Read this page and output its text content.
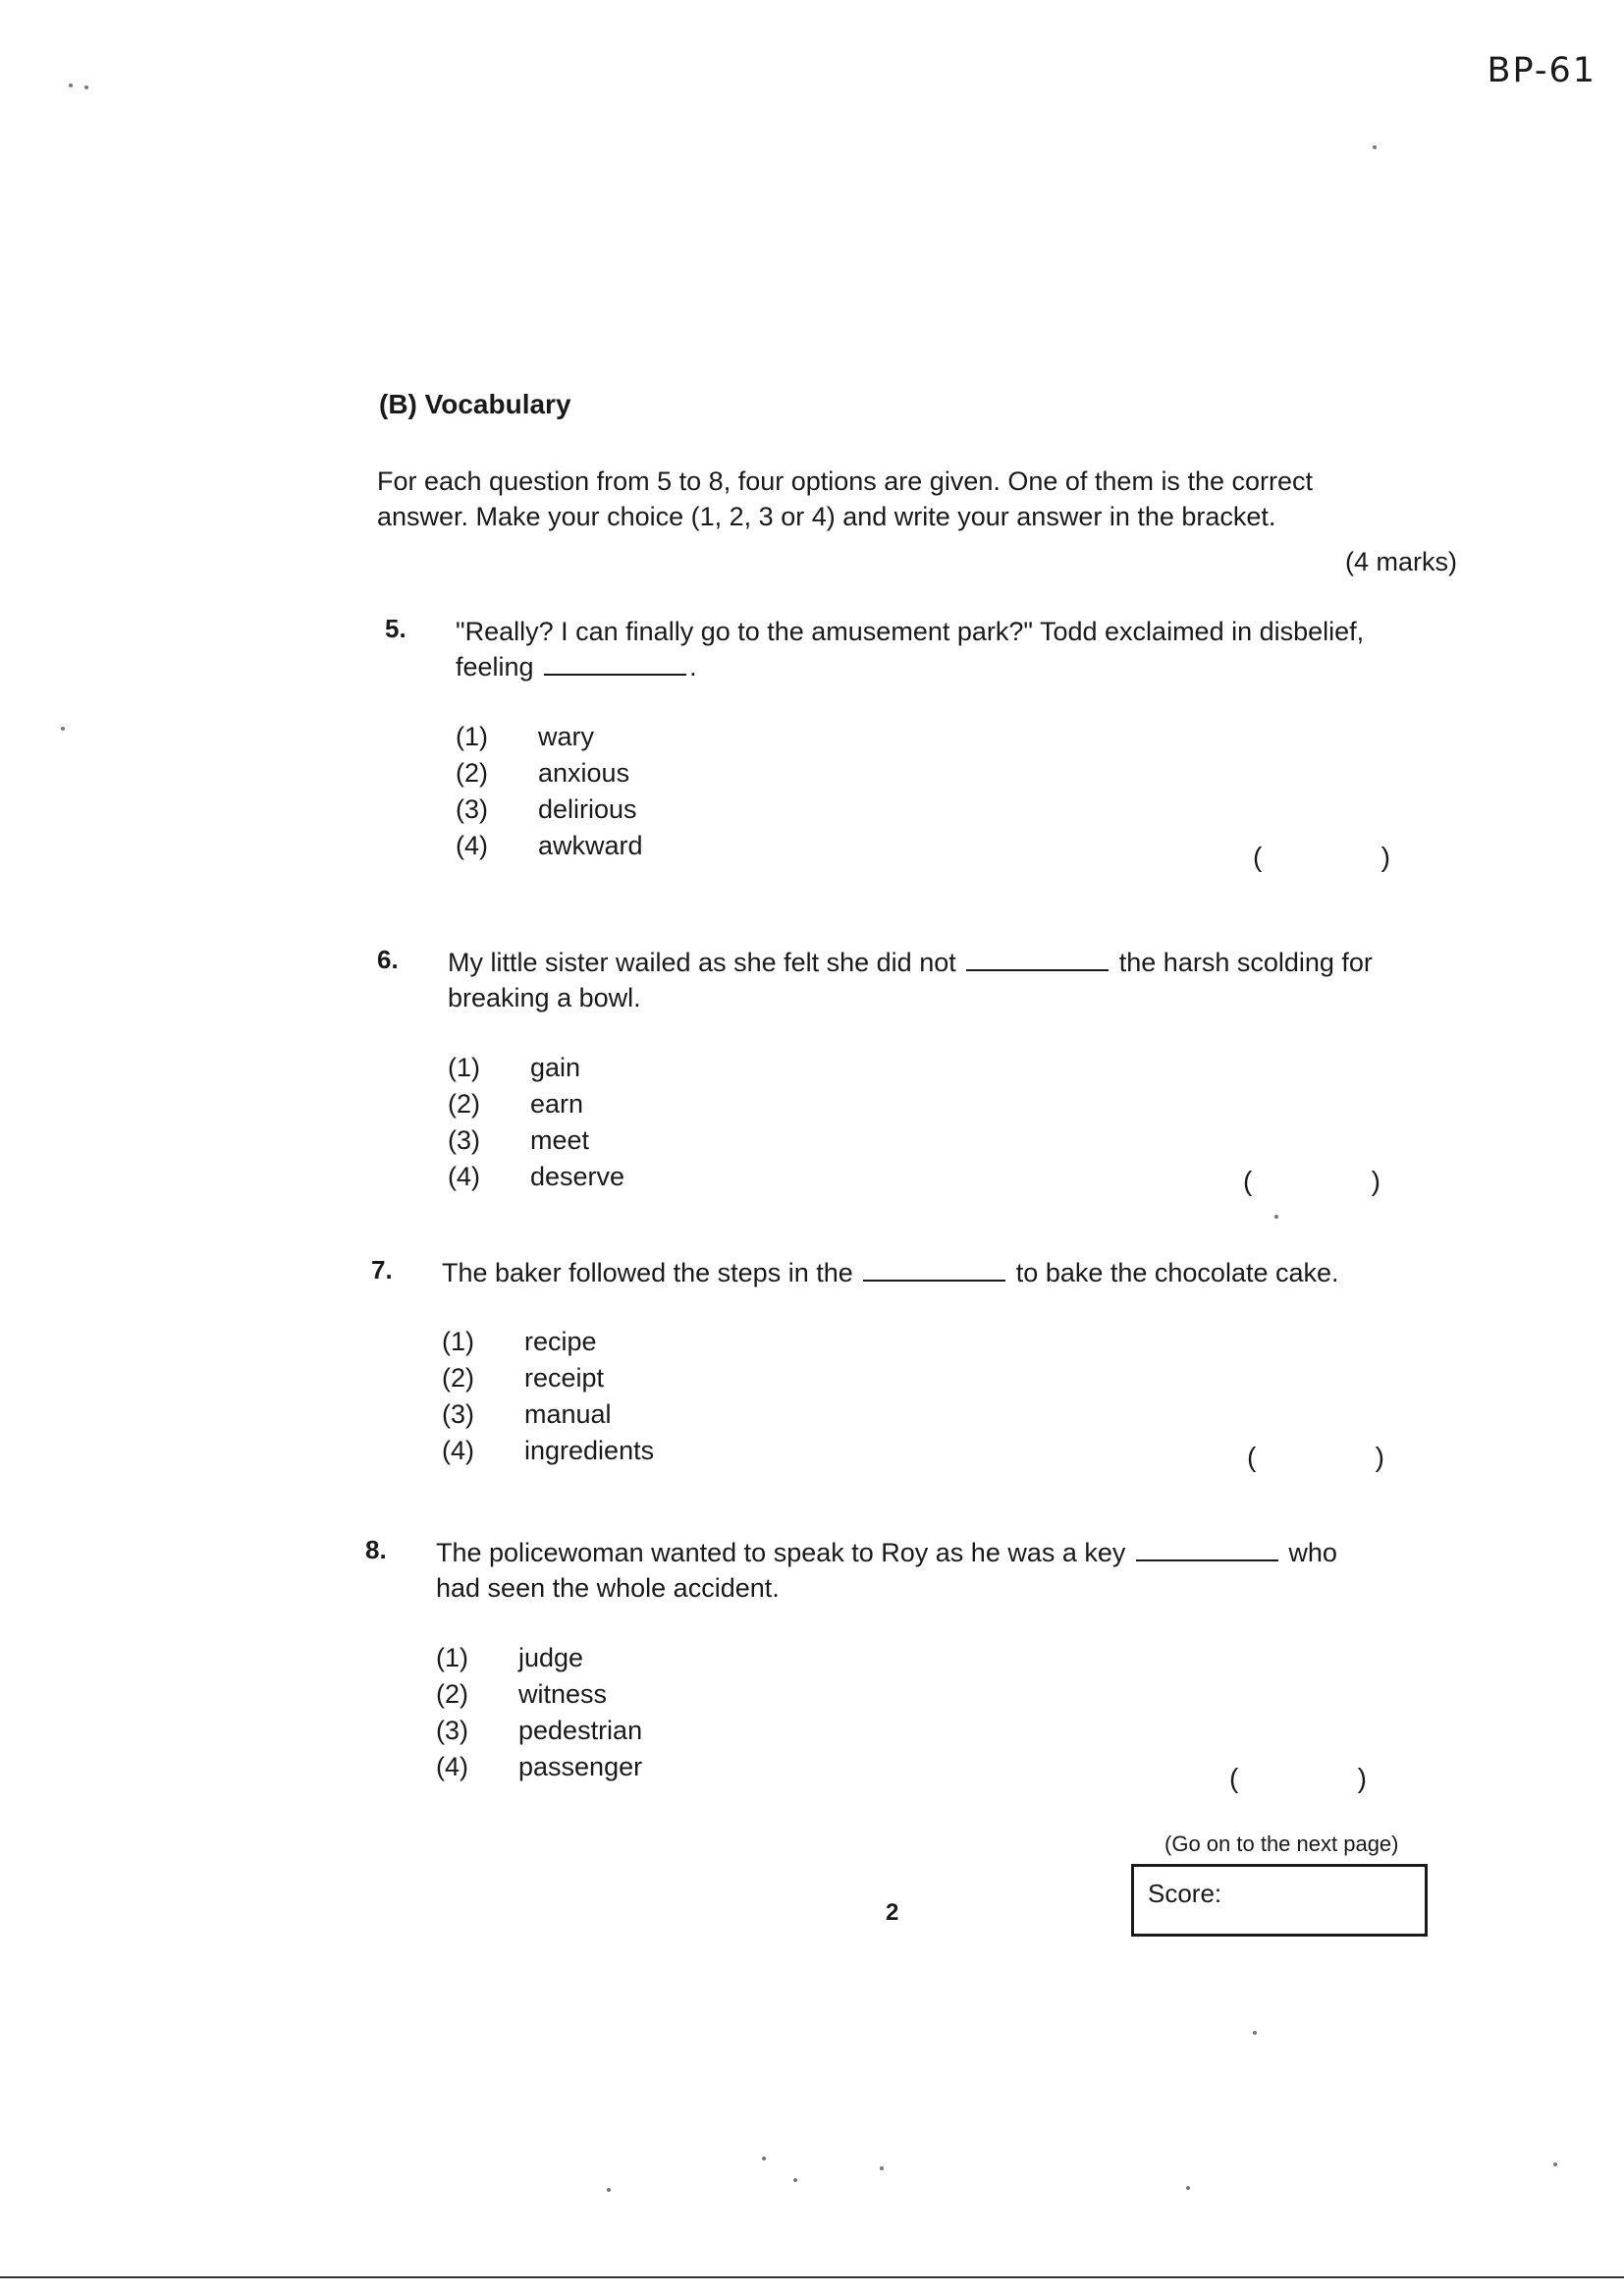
BP-61
(B) Vocabulary
For each question from 5 to 8, four options are given. One of them is the correct answer. Make your choice (1, 2, 3 or 4) and write your answer in the bracket.
(4 marks)
5. "Really? I can finally go to the amusement park?" Todd exclaimed in disbelief, feeling	.
(1) wary
(2) anxious
(3) delirious
(4) awkward	(	)
6. My little sister wailed as she felt she did not	the harsh scolding for breaking a bowl.
(1) gain
(2) earn
(3) meet
(4) deserve	(	)
7. The baker followed the steps in the	to bake the chocolate cake.
(1) recipe
(2) receipt
(3) manual
(4) ingredients	(	)
8. The policewoman wanted to speak to Roy as he was a key	who had seen the whole accident.
(1) judge
(2) witness
(3) pedestrian
(4) passenger	(	)
(Go on to the next page)
Score:
2
